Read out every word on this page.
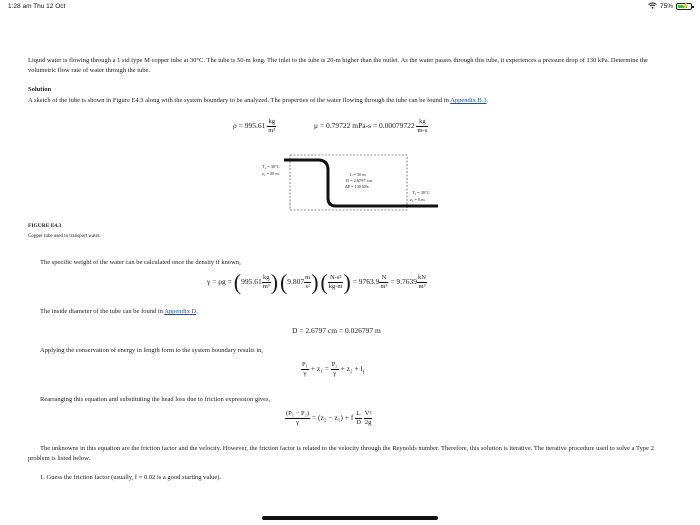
1:28 am Thu 12 Oct	75% ⚡

Liquid water is flowing through a 1 std type M copper tube at 30°C. The tube is 50-m long. The inlet to the tube is 20-m higher than the outlet. As the water passes through this tube, it experiences a pressure drop of 130 kPa. Determine the volumetric flow rate of water through the tube.

Solution

A sketch of the tube is shown in Figure E4.3 along with the system boundary to be analyzed. The properties of the water flowing through the tube can be found in Appendix B.3.

$\rho = 995.61 \frac{kg}{\text{m³}}$	μ = 0.79722 $mPa-s = 0.00079722 \frac{kg}{m-s}$
T₁ = 30°C
z₁ = 20 m	L = 50 m
D = 2.6797 cm
ΔP = 130 kPa
T₂ = 30°C
z₂ = 0 m
FIGURE E4.3
Copper tube used to transport water.

The specific weight of the water can be calculated once the density if known,

$\gamma = \rho g = (995.61 \frac{kg}{\text{m³}}$ ) ($9.807 \frac{m}{\text{s²}}$ ) ( $\frac{\text{N-s²}}{kg-m}$ ) = $9763.9 \frac{N}{\text{m³}} = 9.7639 \frac{kN}{\text{m³}}$

The inside diameter of the tube can be found in Appendix D.

D = 2.6797 cm = 0.026797 m

Applying the conservation of energy in length form to the system boundary results in,

$\frac{\text{P₁}}{\gamma} + z_1 = \frac{\text{P₂}}{\gamma} + z_2 + l_f$

Rearranging this equation and substituting the head loss due to friction expression gives,

$\frac{\text{(P₁ − P₂)}}{\gamma} = (z_2 - z_1) + f \frac{L}{D}$
$\frac{\text{V²}}{2g}$

The unknowns in this equation are the friction factor and the velocity. However, the friction factor is related to the velocity through the Reynolds number. Therefore, this solution is iterative. The iterative procedure used to solve a Type 2 problem is listed below.

1. Guess the friction factor (usually, f = 0.02 is a good starting value).
